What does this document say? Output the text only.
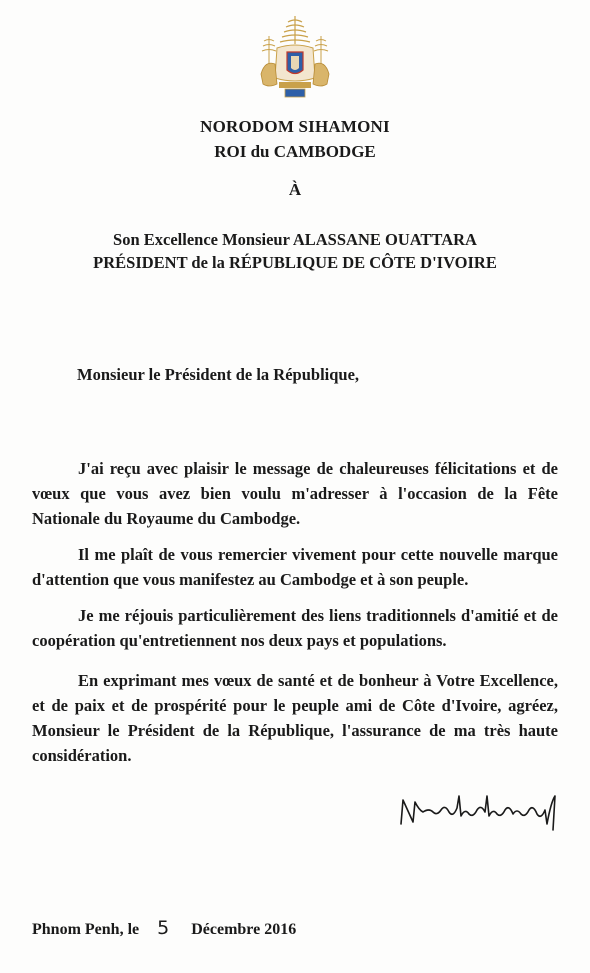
NORODOM SIHAMONI
ROI du CAMBODGE
À
Son Excellence Monsieur ALASSANE OUATTARA
PRÉSIDENT de la RÉPUBLIQUE DE CÔTE D'IVOIRE
Monsieur le Président de la République,
J'ai reçu avec plaisir le message de chaleureuses félicitations et de vœux que vous avez bien voulu m'adresser à l'occasion de la Fête Nationale du Royaume du Cambodge.
Il me plaît de vous remercier vivement pour cette nouvelle marque d'attention que vous manifestez au Cambodge et à son peuple.
Je me réjouis particulièrement des liens traditionnels d'amitié et de coopération qu'entretiennent nos deux pays et populations.
En exprimant mes vœux de santé et de bonheur à Votre Excellence, et de paix et de prospérité pour le peuple ami de Côte d'Ivoire, agréez, Monsieur le Président de la République, l'assurance de ma très haute considération.
Phnom Penh, le 5 Décembre 2016
